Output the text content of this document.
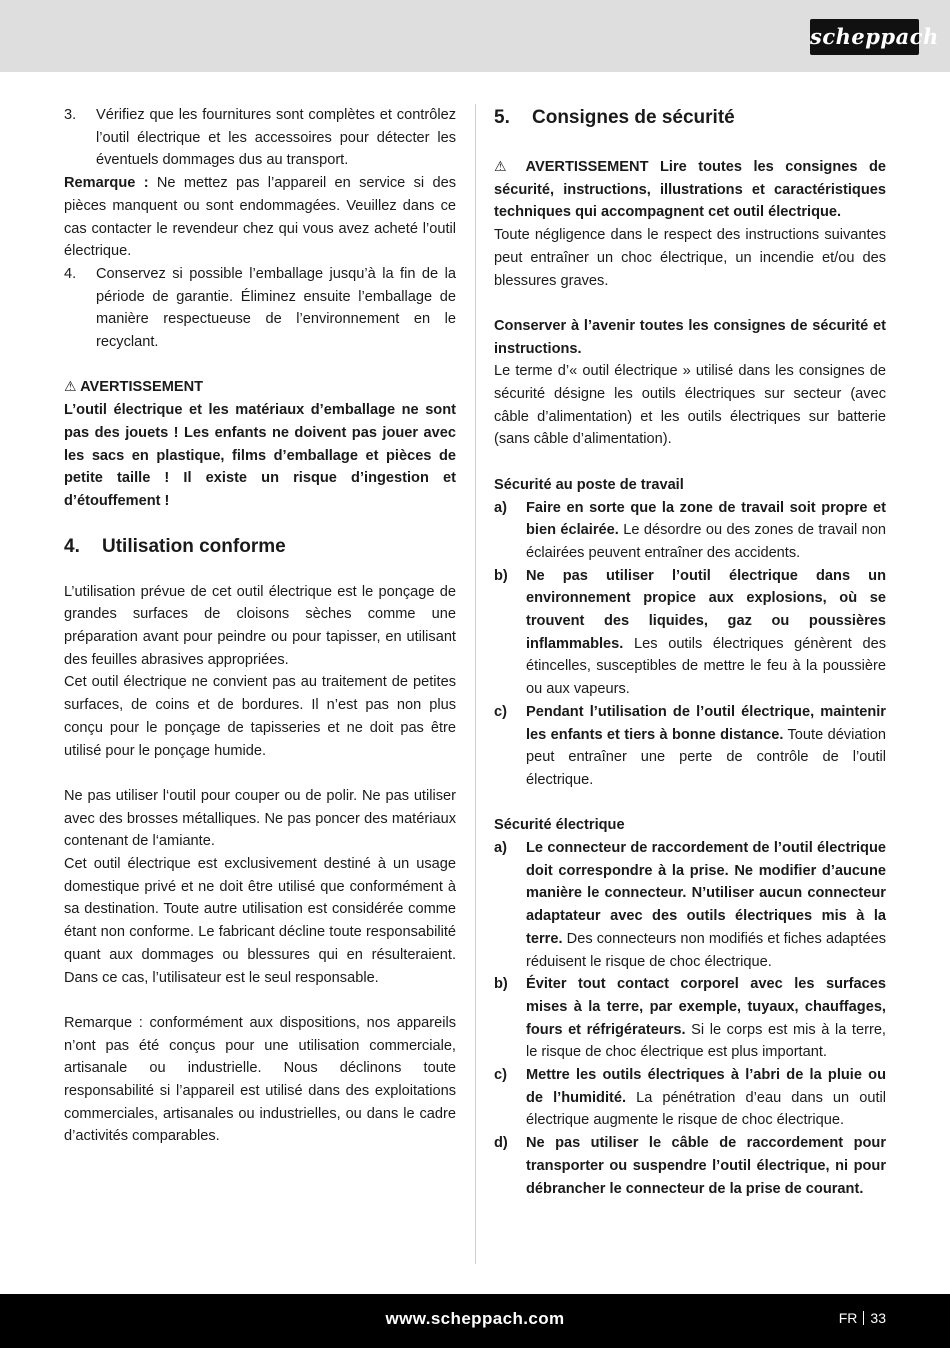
scheppach
3.	Vérifiez que les fournitures sont complètes et contrôlez l’outil électrique et les accessoires pour détecter les éventuels dommages dus au transport.

Remarque : Ne mettez pas l’appareil en service si des pièces manquent ou sont endommagées. Veuillez dans ce cas contacter le revendeur chez qui vous avez acheté l’outil électrique.

4.	Conservez si possible l’emballage jusqu’à la fin de la période de garantie. Éliminez ensuite l’emballage de manière respectueuse de l’environnement en le recyclant.
⚠ AVERTISSEMENT

L’outil électrique et les matériaux d’emballage ne sont pas des jouets ! Les enfants ne doivent pas jouer avec les sacs en plastique, films d’emballage et pièces de petite taille ! Il existe un risque d’ingestion et d’étouffement !

4.	Utilisation conforme

L’utilisation prévue de cet outil électrique est le ponçage de grandes surfaces de cloisons sèches comme une préparation avant pour peindre ou pour tapisser, en utilisant des feuilles abrasives appropriées.

Cet outil électrique ne convient pas au traitement de petites surfaces, de coins et de bordures. Il n’est pas non plus conçu pour le ponçage de tapisseries et ne doit pas être utilisé pour le ponçage humide.

Ne pas utiliser l‘outil pour couper ou de polir. Ne pas utiliser avec des brosses métalliques. Ne pas poncer des matériaux contenant de l‘amiante.

Cet outil électrique est exclusivement destiné à un usage domestique privé et ne doit être utilisé que conformément à sa destination. Toute autre utilisation est considérée comme étant non conforme. Le fabricant décline toute responsabilité quant aux dommages ou blessures qui en résulteraient. Dans ce cas, l’utilisateur est le seul responsable.

Remarque : conformément aux dispositions, nos appareils n’ont pas été conçus pour une utilisation commerciale, artisanale ou industrielle. Nous déclinons toute responsabilité si l’appareil est utilisé dans des exploitations commerciales, artisanales ou industrielles, ou dans le cadre d’activités comparables.

5.	Consignes de sécurité

⚠ AVERTISSEMENT Lire toutes les consignes de sécurité, instructions, illustrations et caractéristiques techniques qui accompagnent cet outil électrique.

Toute négligence dans le respect des instructions suivantes peut entraîner un choc électrique, un incendie et/ou des blessures graves.

Conserver à l’avenir toutes les consignes de sécurité et instructions.

Le terme d’« outil électrique » utilisé dans les consignes de sécurité désigne les outils électriques sur secteur (avec câble d’alimentation) et les outils électriques sur batterie (sans câble d’alimentation).

Sécurité au poste de travail

a)	Faire en sorte que la zone de travail soit propre et bien éclairée. Le désordre ou des zones de travail non éclairées peuvent entraîner des accidents.
b)	Ne pas utiliser l’outil électrique dans un environnement propice aux explosions, où se trouvent des liquides, gaz ou poussières inflammables. Les outils électriques génèrent des étincelles, susceptibles de mettre le feu à la poussière ou aux vapeurs.
c)	Pendant l’utilisation de l’outil électrique, maintenir les enfants et tiers à bonne distance. Toute déviation peut entraîner une perte de contrôle de l’outil électrique.

Sécurité électrique

a)	Le connecteur de raccordement de l’outil électrique doit correspondre à la prise. Ne modifier d’aucune manière le connecteur. N’utiliser aucun connecteur adaptateur avec des outils électriques mis à la terre. Des connecteurs non modifiés et fiches adaptées réduisent le risque de choc électrique.
b)	Éviter tout contact corporel avec les surfaces mises à la terre, par exemple, tuyaux, chauffages, fours et réfrigérateurs. Si le corps est mis à la terre, le risque de choc électrique est plus important.
c)	Mettre les outils électriques à l’abri de la pluie ou de l’humidité. La pénétration d’eau dans un outil électrique augmente le risque de choc électrique.
d)	Ne pas utiliser le câble de raccordement pour transporter ou suspendre l’outil électrique, ni pour débrancher le connecteur de la prise de courant.
www.scheppach.com	FR 33
